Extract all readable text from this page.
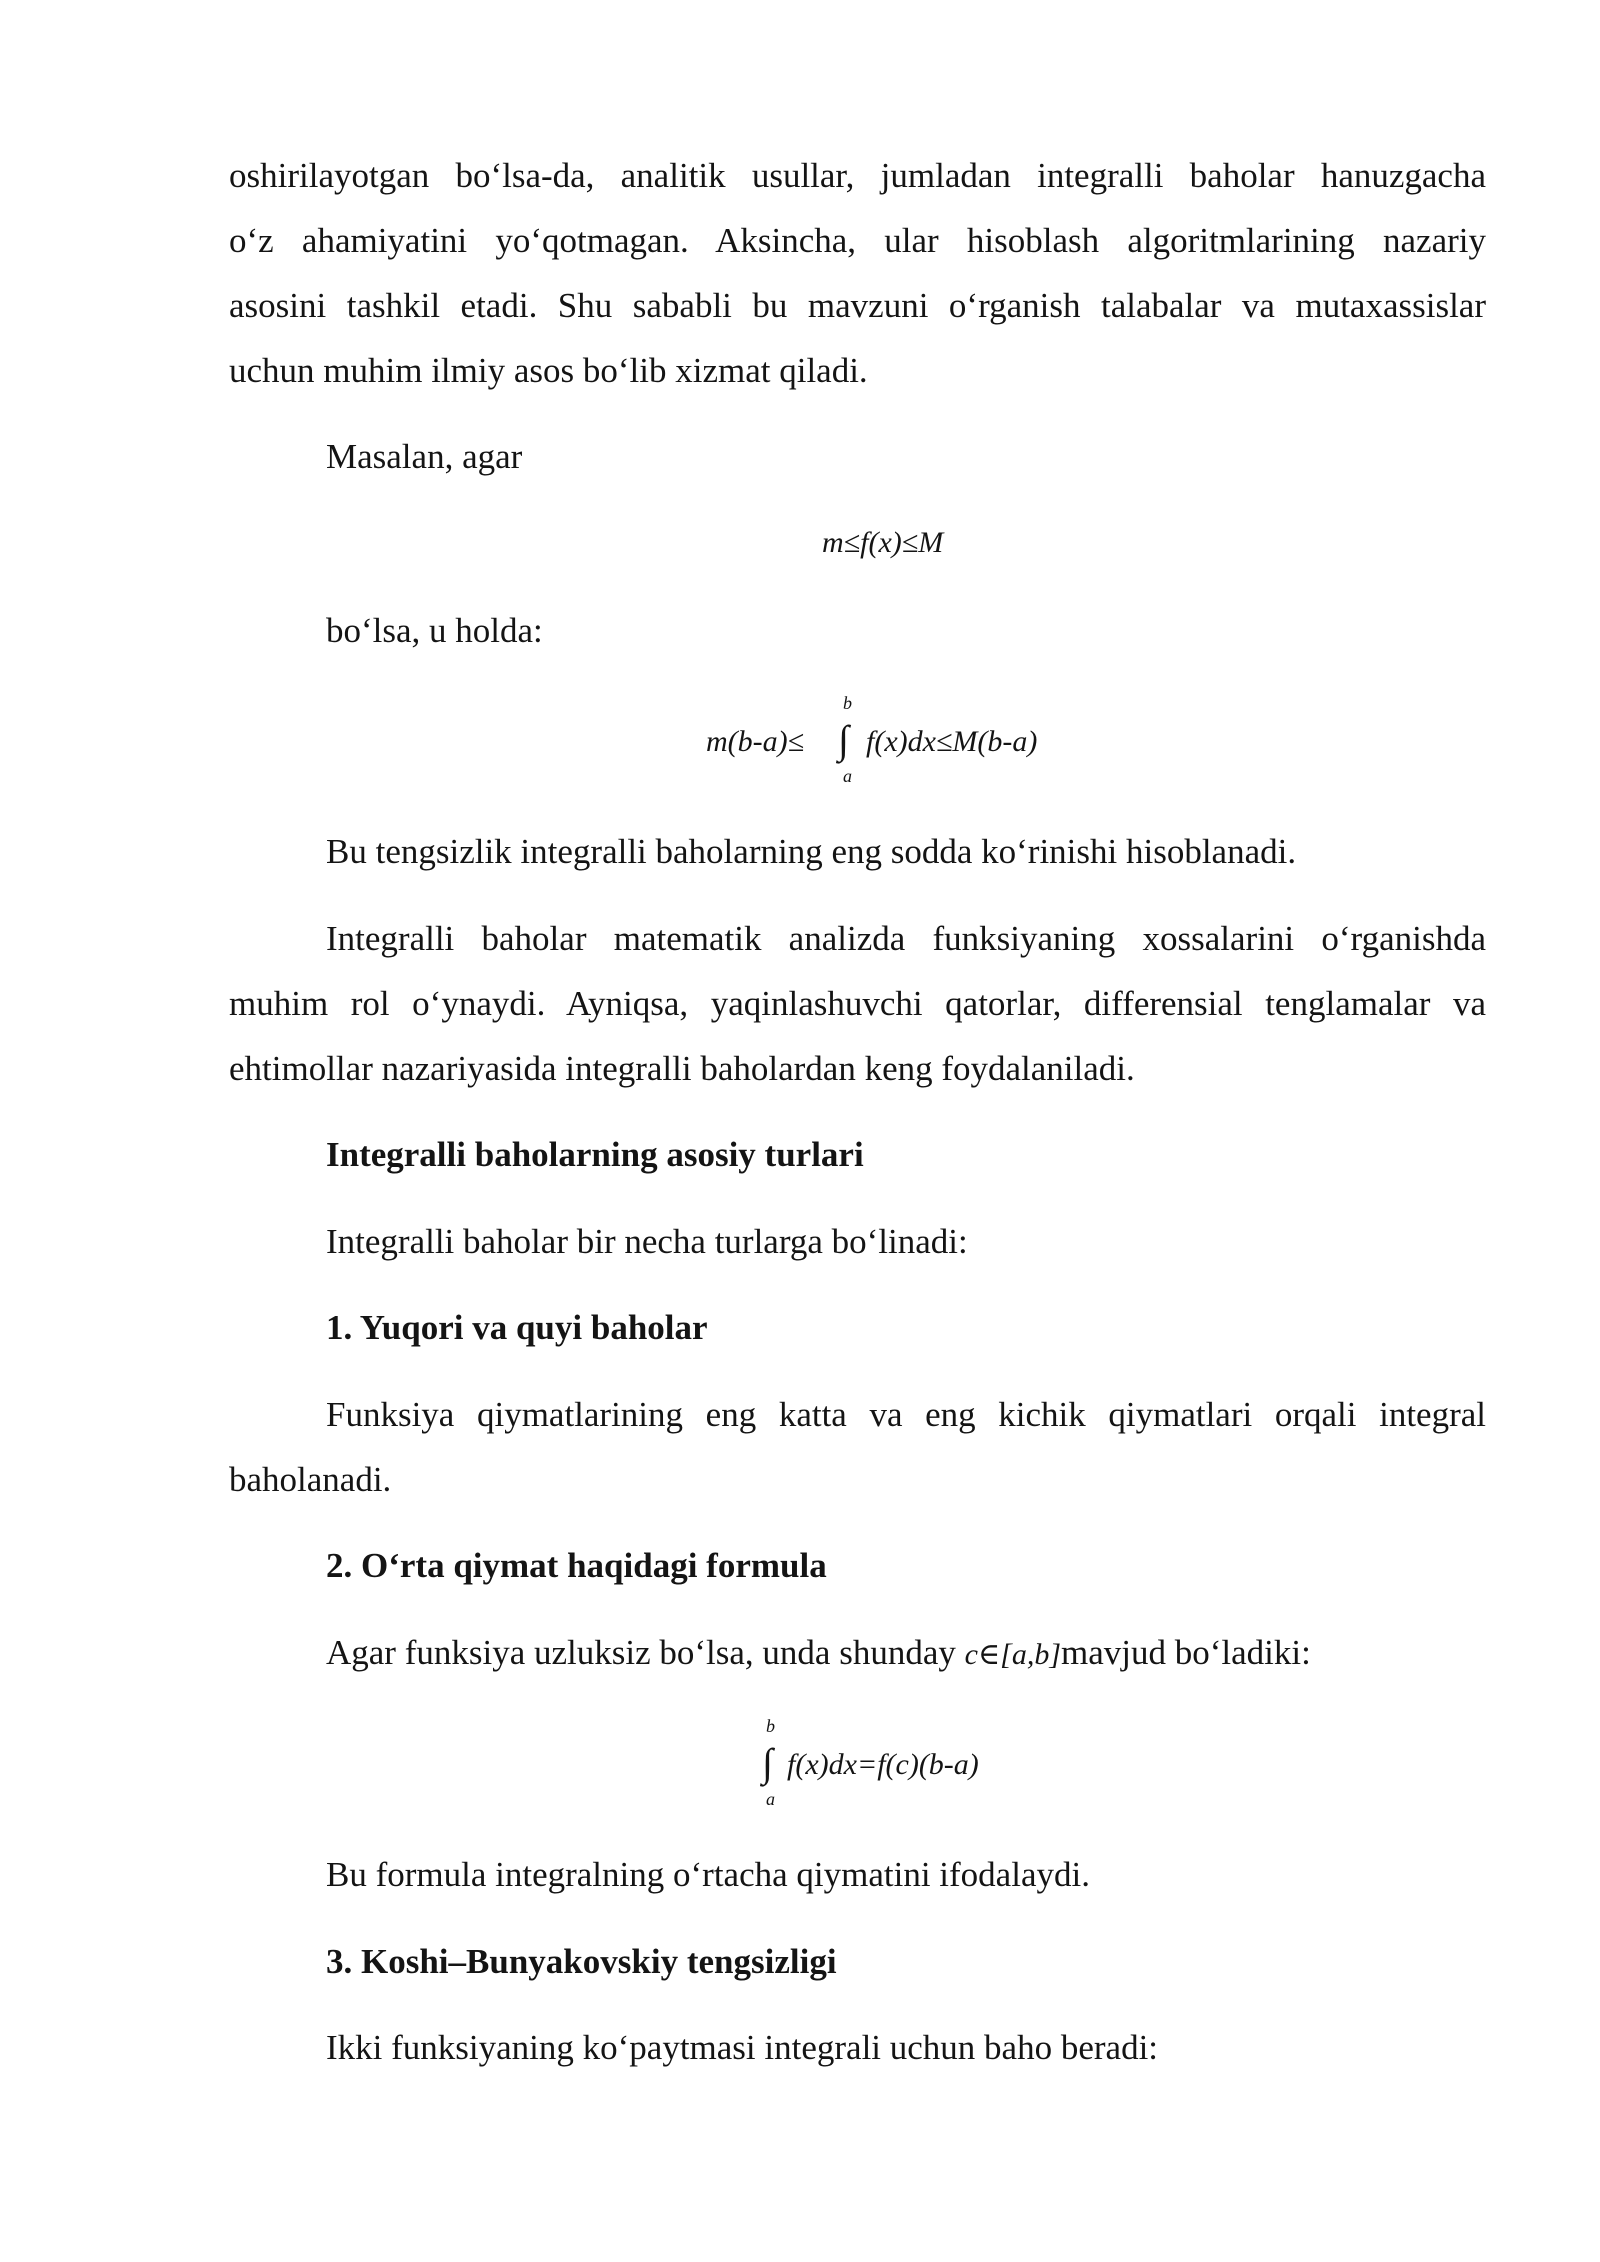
oshirilayotgan bo‘lsa-da, analitik usullar, jumladan integralli baholar hanuzgacha
o‘z ahamiyatini yo‘qotmagan. Aksincha, ular hisoblash algoritmlarining nazariy
asosini tashkil etadi. Shu sababli bu mavzuni o‘rganish talabalar va mutaxassislar
uchun muhim ilmiy asos bo‘lib xizmat qiladi.
Masalan, agar
m≤f(x)≤M
bo‘lsa, u holda:
m(b-a)≤ ∫
b
a
f(x)dx≤M(b-a)
Bu tengsizlik integralli baholarning eng sodda ko‘rinishi hisoblanadi.
Integralli baholar matematik analizda funksiyaning xossalarini o‘rganishda
muhim rol o‘ynaydi. Ayniqsa, yaqinlashuvchi qatorlar, differensial tenglamalar va
ehtimollar nazariyasida integralli baholardan keng foydalaniladi.
Integralli baholarning asosiy turlari
Integralli baholar bir necha turlarga bo‘linadi:
1. Yuqori va quyi baholar
Funksiya qiymatlarining eng katta va eng kichik qiymatlari orqali integral
baholanadi.
2. O‘rta qiymat haqidagi formula
Agar funksiya uzluksiz bo‘lsa, unda shunday c∈[a,b]mavjud bo‘ladiki:
∫
b
a
f(x)dx=f(c)(b-a)
Bu formula integralning o‘rtacha qiymatini ifodalaydi.
3. Koshi–Bunyakovskiy tengsizligi
Ikki funksiyaning ko‘paytmasi integrali uchun baho beradi:
